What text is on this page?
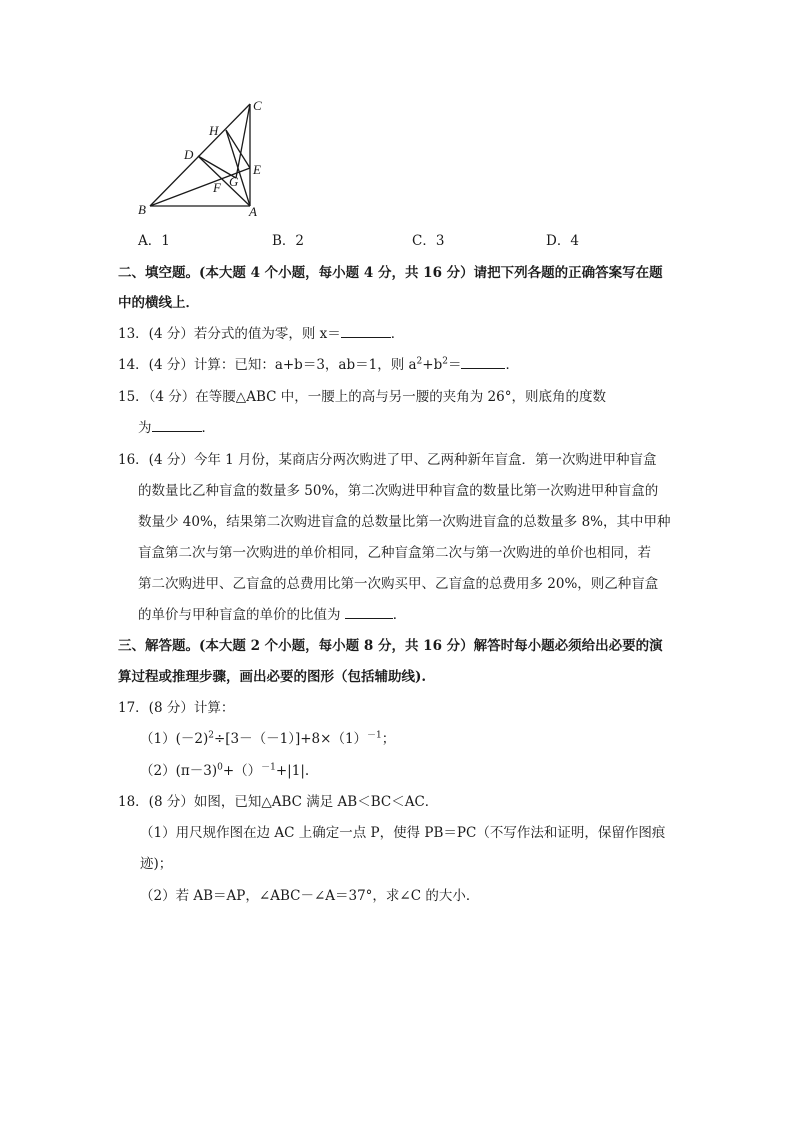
C
H
D
E
G
F
B	A
A．1	B．2	C．3	D．4
二、填空题。(本大题 4 个小题，每小题 4 分，共 16 分）请把下列各题的正确答案写在题
中的横线上．
13．(4 分）若分式的值为零，则 x＝	．
14．(4 分）计算：已知：a+b＝3，ab＝1，则 $a^2+b^2=$	．
15．（4 分）在等腰△ABC 中，一腰上的高与另一腰的夹角为 26°，则底角的度数
为	．
16．(4 分）今年 1 月份，某商店分两次购进了甲、乙两种新年盲盒．第一次购进甲种盲盒
的数量比乙种盲盒的数量多 50%，第二次购进甲种盲盒的数量比第一次购进甲种盲盒的
数量少 40%，结果第二次购进盲盒的总数量比第一次购进盲盒的总数量多 8%，其中甲种
盲盒第二次与第一次购进的单价相同，乙种盲盒第二次与第一次购进的单价也相同，若
第二次购进甲、乙盲盒的总费用比第一次购买甲、乙盲盒的总费用多 20%，则乙种盲盒
的单价与甲种盲盒的单价的比值为	．
三、解答题。(本大题 2 个小题，每小题 8 分，共 16 分）解答时每小题必须给出必要的演
算过程或推理步骤，画出必要的图形（包括辅助线).
17．(8 分）计算：
$(1)(-2)^2\div[3-(-1)]+8\times(1)^{-1}$；
$(2)(\pi-3)^0+()^{-1}+|1|$.
18．(8 分）如图，已知△ABC 满足 AB＜BC＜AC．
（1）用尺规作图在边 AC 上确定一点 P，使得 PB＝PC（不写作法和证明，保留作图痕
迹)；
（2）若 AB＝AP，∠ABC－∠A＝37°，求∠C 的大小．
